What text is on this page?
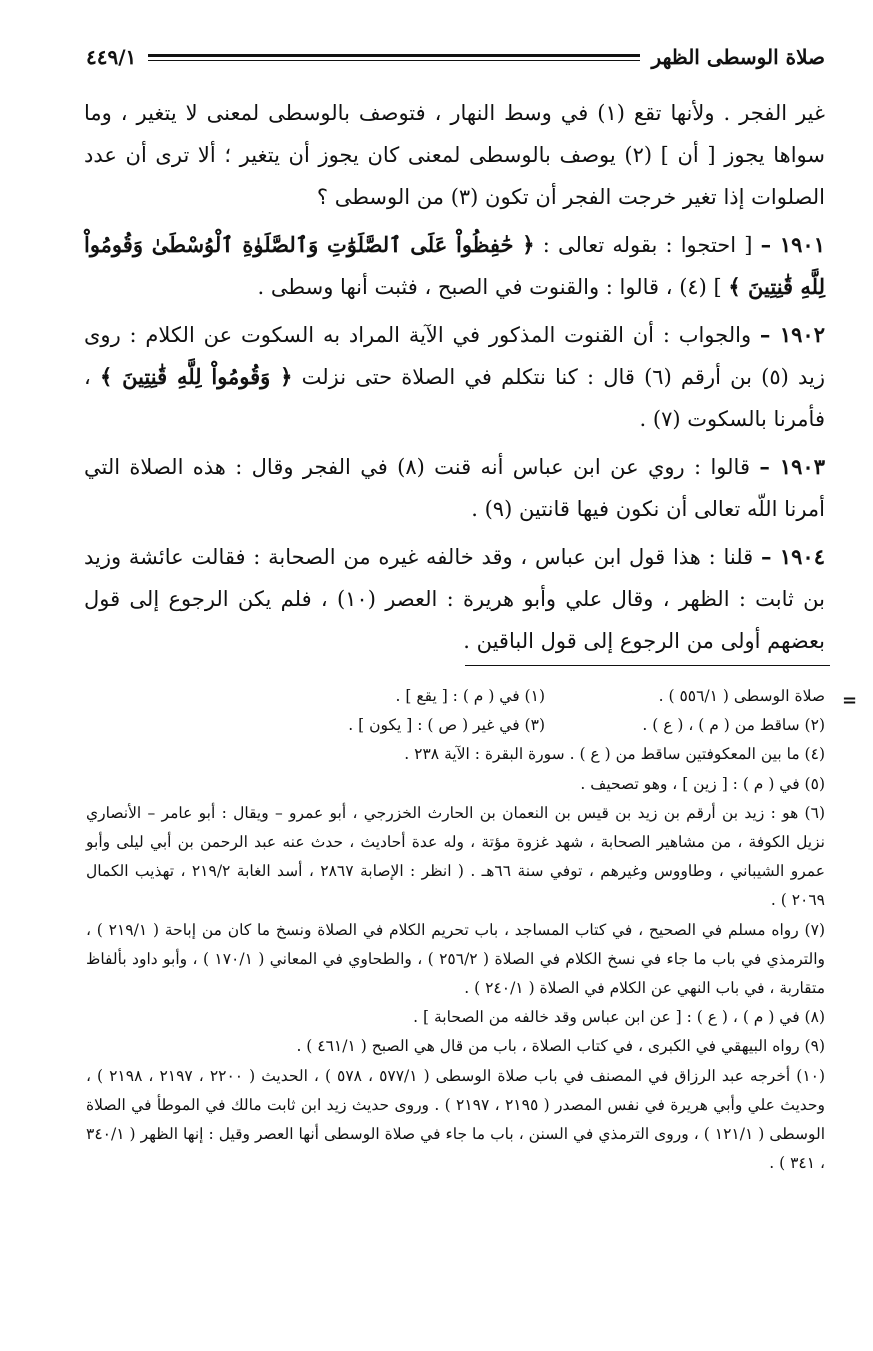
صلاة الوسطى الظهر
٤٤٩/١

غير الفجر . ولأنها تقع (١) في وسط النهار ، فتوصف بالوسطى لمعنى لا يتغير ، وما سواها يجوز [ أن ] (٢) يوصف بالوسطى لمعنى كان يجوز أن يتغير ؛ ألا ترى أن عدد الصلوات إذا تغير خرجت الفجر أن تكون (٣) من الوسطى ؟

١٩٠١ – [ احتجوا : بقوله تعالى : ﴿ حَٰفِظُواْ عَلَى ٱلصَّلَوَٰتِ وَٱلصَّلَوٰةِ ٱلْوُسْطَىٰ وَقُومُواْ لِلَّهِ قَٰنِتِينَ ﴾ ] (٤) ، قالوا : والقنوت في الصبح ، فثبت أنها وسطى .

١٩٠٢ – والجواب : أن القنوت المذكور في الآية المراد به السكوت عن الكلام : روى زيد (٥) بن أرقم (٦) قال : كنا نتكلم في الصلاة حتى نزلت ﴿ وَقُومُواْ لِلَّهِ قَٰنِتِينَ ﴾ ، فأمرنا بالسكوت (٧) .

١٩٠٣ – قالوا : روي عن ابن عباس أنه قنت (٨) في الفجر وقال : هذه الصلاة التي أمرنا اللّه تعالى أن نكون فيها قانتين (٩) .

١٩٠٤ – قلنا : هذا قول ابن عباس ، وقد خالفه غيره من الصحابة : فقالت عائشة وزيد بن ثابت : الظهر ، وقال علي وأبو هريرة : العصر (١٠) ، فلم يكن الرجوع إلى قول بعضهم أولى من الرجوع إلى قول الباقين .

=
صلاة الوسطى ( ٥٥٦/١ ) .
(١) في ( م ) : [ يقع ] .
(٢) ساقط من ( م ) ، ( ع ) .
(٣) في غير ( ص ) : [ يكون ] .

(٤) ما بين المعكوفتين ساقط من ( ع ) . سورة البقرة : الآية ٢٣٨ .

(٥) في ( م ) : [ زين ] ، وهو تصحيف .

(٦) هو : زيد بن أرقم بن زيد بن قيس بن النعمان بن الحارث الخزرجي ، أبو عمرو – ويقال : أبو عامر – الأنصاري نزيل الكوفة ، من مشاهير الصحابة ، شهد غزوة مؤتة ، وله عدة أحاديث ، حدث عنه عبد الرحمن بن أبي ليلى وأبو عمرو الشيباني ، وطاووس وغيرهم ، توفي سنة ٦٦هـ . ( انظر : الإصابة ٢٨٦٧ ، أسد الغابة ٢١٩/٢ ، تهذيب الكمال ٢٠٦٩ ) .

(٧) رواه مسلم في الصحيح ، في كتاب المساجد ، باب تحريم الكلام في الصلاة ونسخ ما كان من إباحة ( ٢١٩/١ ) ، والترمذي في باب ما جاء في نسخ الكلام في الصلاة ( ٢٥٦/٢ ) ، والطحاوي في المعاني ( ١٧٠/١ ) ، وأبو داود بألفاظ متقاربة ، في باب النهي عن الكلام في الصلاة ( ٢٤٠/١ ) .

(٨) في ( م ) ، ( ع ) : [ عن ابن عباس وقد خالفه من الصحابة ] .

(٩) رواه البيهقي في الكبرى ، في كتاب الصلاة ، باب من قال هي الصبح ( ٤٦١/١ ) .

(١٠) أخرجه عبد الرزاق في المصنف في باب صلاة الوسطى ( ٥٧٧/١ ، ٥٧٨ ) ، الحديث ( ٢٢٠٠ ، ٢١٩٧ ، ٢١٩٨ ) ، وحديث علي وأبي هريرة في نفس المصدر ( ٢١٩٥ ، ٢١٩٧ ) . وروى حديث زيد ابن ثابت مالك في الموطأ في الصلاة الوسطى ( ١٢١/١ ) ، وروى الترمذي في السنن ، باب ما جاء في صلاة الوسطى أنها العصر وقيل : إنها الظهر ( ٣٤٠/١ ، ٣٤١ ) .
